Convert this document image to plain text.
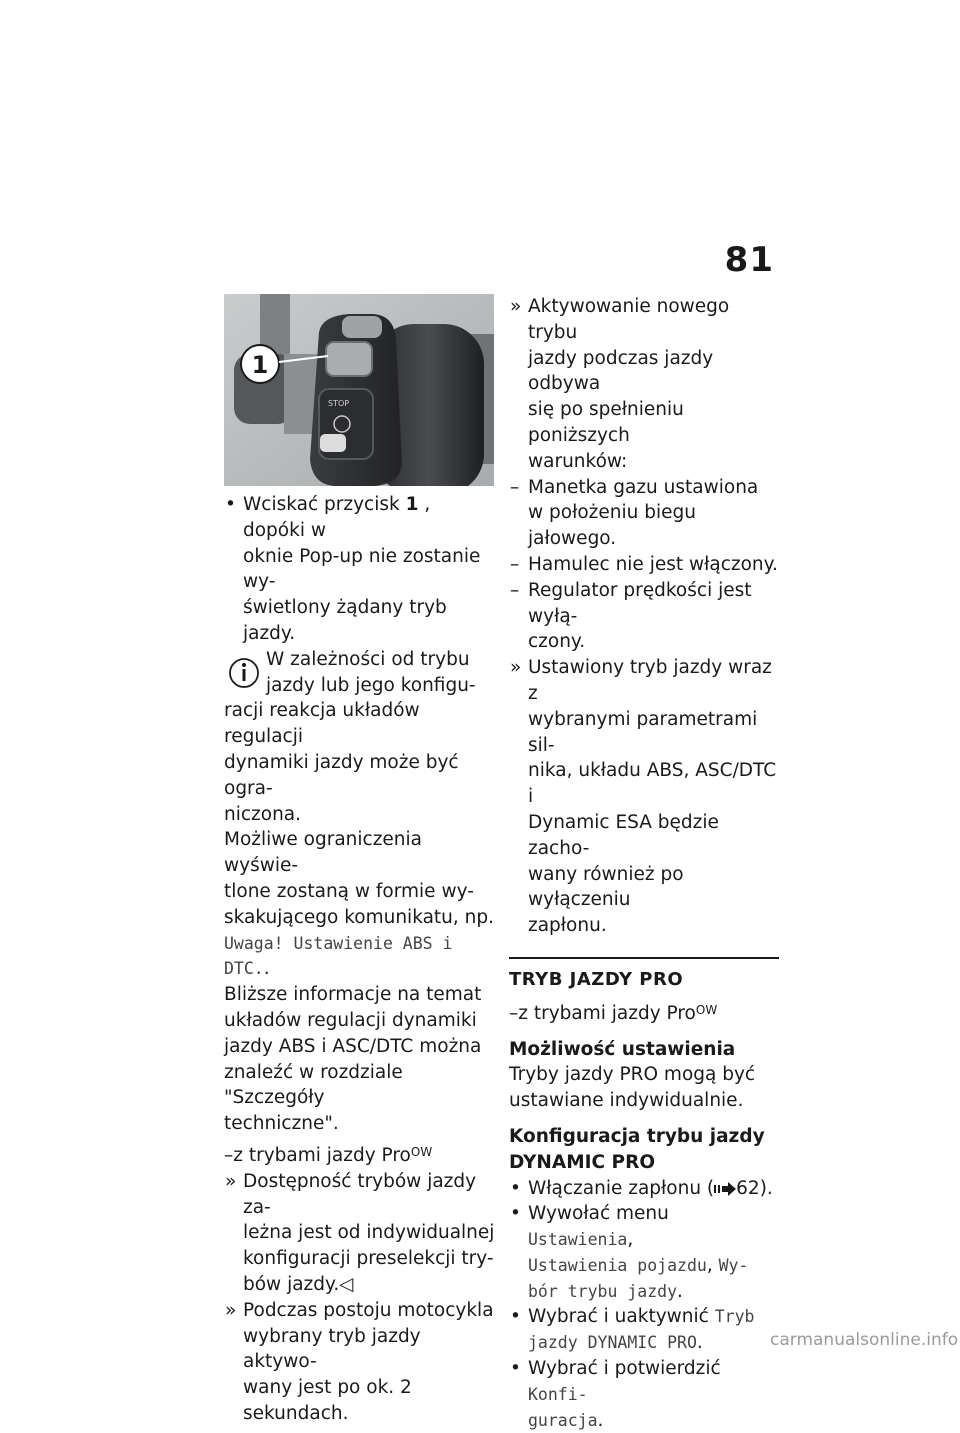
81
STOP
1
• Wciskać przycisk 1 , dopóki w
oknie Pop-up nie zostanie wy-
świetlony żądany tryb jazdy.
W zależności od trybu
jazdy lub jego konfigu-
racji reakcja układów regulacji
dynamiki jazdy może być ogra-
niczona.
Możliwe ograniczenia wyświe-
tlone zostaną w formie wy-
skakującego komunikatu, np.
Uwaga! Ustawienie ABS i
DTC..
Bliższe informacje na temat
układów regulacji dynamiki
jazdy ABS i ASC/DTC można
znaleźć w rozdziale "Szczegóły
techniczne".
–z trybami jazdy Pro$^{OW}$
» Dostępność trybów jazdy za-
leżna jest od indywidualnej
konfiguracji preselekcji try-
bów jazdy.◁
» Podczas postoju motocykla
wybrany tryb jazdy aktywo-
wany jest po ok. 2 sekundach.
» Aktywowanie nowego trybu
jazdy podczas jazdy odbywa
się po spełnieniu poniższych
warunków:
– Manetka gazu ustawiona
w położeniu biegu jałowego.
– Hamulec nie jest włączony.
– Regulator prędkości jest wyłą-
czony.
» Ustawiony tryb jazdy wraz z
wybranymi parametrami sil-
nika, układu ABS, ASC/DTC i
Dynamic ESA będzie zacho-
wany również po wyłączeniu
zapłonu.
TRYB JAZDY PRO
–z trybami jazdy Pro$^{OW}$
Możliwość ustawienia
Tryby jazdy PRO mogą być
ustawiane indywidualnie.
Konfiguracja trybu jazdy
DYNAMIC PRO
• Włączanie zapłonu ( 62).
• Wywołać menu Ustawienia,
Ustawienia pojazdu, Wy-
bór trybu jazdy.
• Wybrać i uaktywnić Tryb
jazdy DYNAMIC PRO.
• Wybrać i potwierdzić Konfi-
guracja.
carmanualsonline.info
